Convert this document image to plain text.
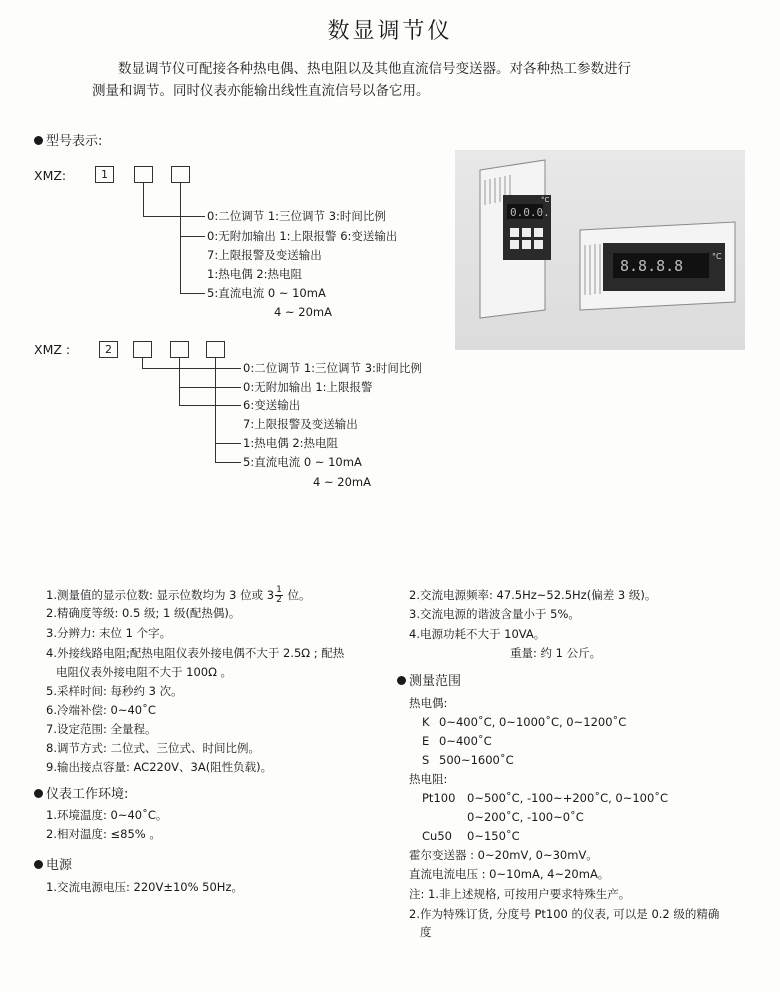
数显调节仪

数显调节仪可配接各种热电偶、热电阻以及其他直流信号变送器。对各种热工参数进行

测量和调节。同时仪表亦能输出线性直流信号以备它用。

型号表示:
XMZ:	1
0:二位调节 1:三位调节 3:时间比例
0:无附加输出 1:上限报警 6:变送输出
7:上限报警及变送输出
1:热电偶 2:热电阻
5:直流电流 0 ~ 10mA
4 ~ 20mA
0.0.0.
°C
8.8.8.8
°C
XMZ :	2
0:二位调节 1:三位调节 3:时间比例
0:无附加输出 1:上限报警
6:变送输出
7:上限报警及变送输出
1:热电偶 2:热电阻
5:直流电流 0 ~ 10mA
4 ~ 20mA
1.测量值的显示位数: 显示位数均为 3 位或 $3 \frac{1}{2}$ 位。
2.精确度等级: 0.5 级; 1 级(配热偶)。
3.分辨力: 末位 1 个字。
4.外接线路电阻;配热电阻仪表外接电偶不大于 2.5Ω ; 配热
电阻仪表外接电阻不大于 100Ω 。
5.采样时间: 每秒约 3 次。
6.冷端补偿: 0~40˚C
7.设定范围: 全量程。
8.调节方式: 二位式、三位式、时间比例。
9.输出接点容量: AC220V、3A(阻性负载)。
仪表工作环境:
1.环境温度: 0~40˚C。
2.相对温度: ≤85% 。
电源
1.交流电源电压: 220V±10% 50Hz。
2.交流电源频率: 47.5Hz~52.5Hz(偏差 3 级)。
3.交流电源的谐波含量小于 5%。
4.电源功耗不大于 10VA。
重量: 约 1 公斤。
测量范围
热电偶:
K 0~400˚C, 0~1000˚C, 0~1200˚C
E 0~400˚C
S 500~1600˚C
热电阻:
Pt100 0~500˚C, -100~+200˚C, 0~100˚C
0~200˚C, -100~0˚C
Cu50 0~150˚C
霍尔变送器 : 0~20mV, 0~30mV。
直流电流电压 : 0~10mA, 4~20mA。
注: 1.非上述规格, 可按用户要求特殊生产。
2.作为特殊订货, 分度号 Pt100 的仪表, 可以是 0.2 级的精确
度
